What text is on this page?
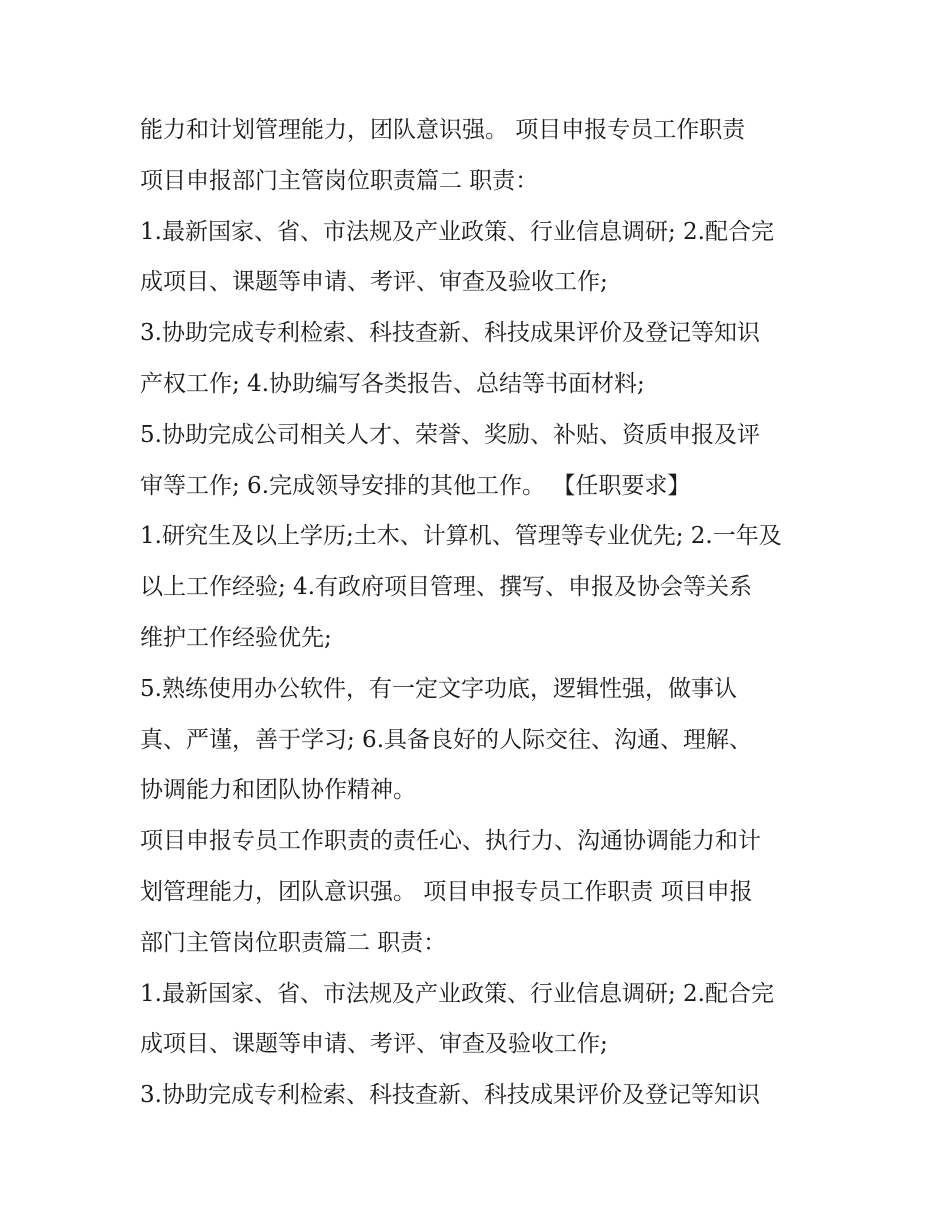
能力和计划管理能力，团队意识强。 项目申报专员工作职责
项目申报部门主管岗位职责篇二 职责：
1.最新国家、省、市法规及产业政策、行业信息调研; 2.配合完
成项目、课题等申请、考评、审查及验收工作;
3.协助完成专利检索、科技查新、科技成果评价及登记等知识
产权工作; 4.协助编写各类报告、总结等书面材料;
5.协助完成公司相关人才、荣誉、奖励、补贴、资质申报及评
审等工作; 6.完成领导安排的其他工作。 【任职要求】
1.研究生及以上学历;土木、计算机、管理等专业优先; 2.一年及
以上工作经验; 4.有政府项目管理、撰写、申报及协会等关系
维护工作经验优先;
5.熟练使用办公软件，有一定文字功底，逻辑性强，做事认
真、严谨，善于学习; 6.具备良好的人际交往、沟通、理解、
协调能力和团队协作精神。
项目申报专员工作职责的责任心、执行力、沟通协调能力和计
划管理能力，团队意识强。 项目申报专员工作职责 项目申报
部门主管岗位职责篇二 职责：
1.最新国家、省、市法规及产业政策、行业信息调研; 2.配合完
成项目、课题等申请、考评、审查及验收工作;
3.协助完成专利检索、科技查新、科技成果评价及登记等知识
